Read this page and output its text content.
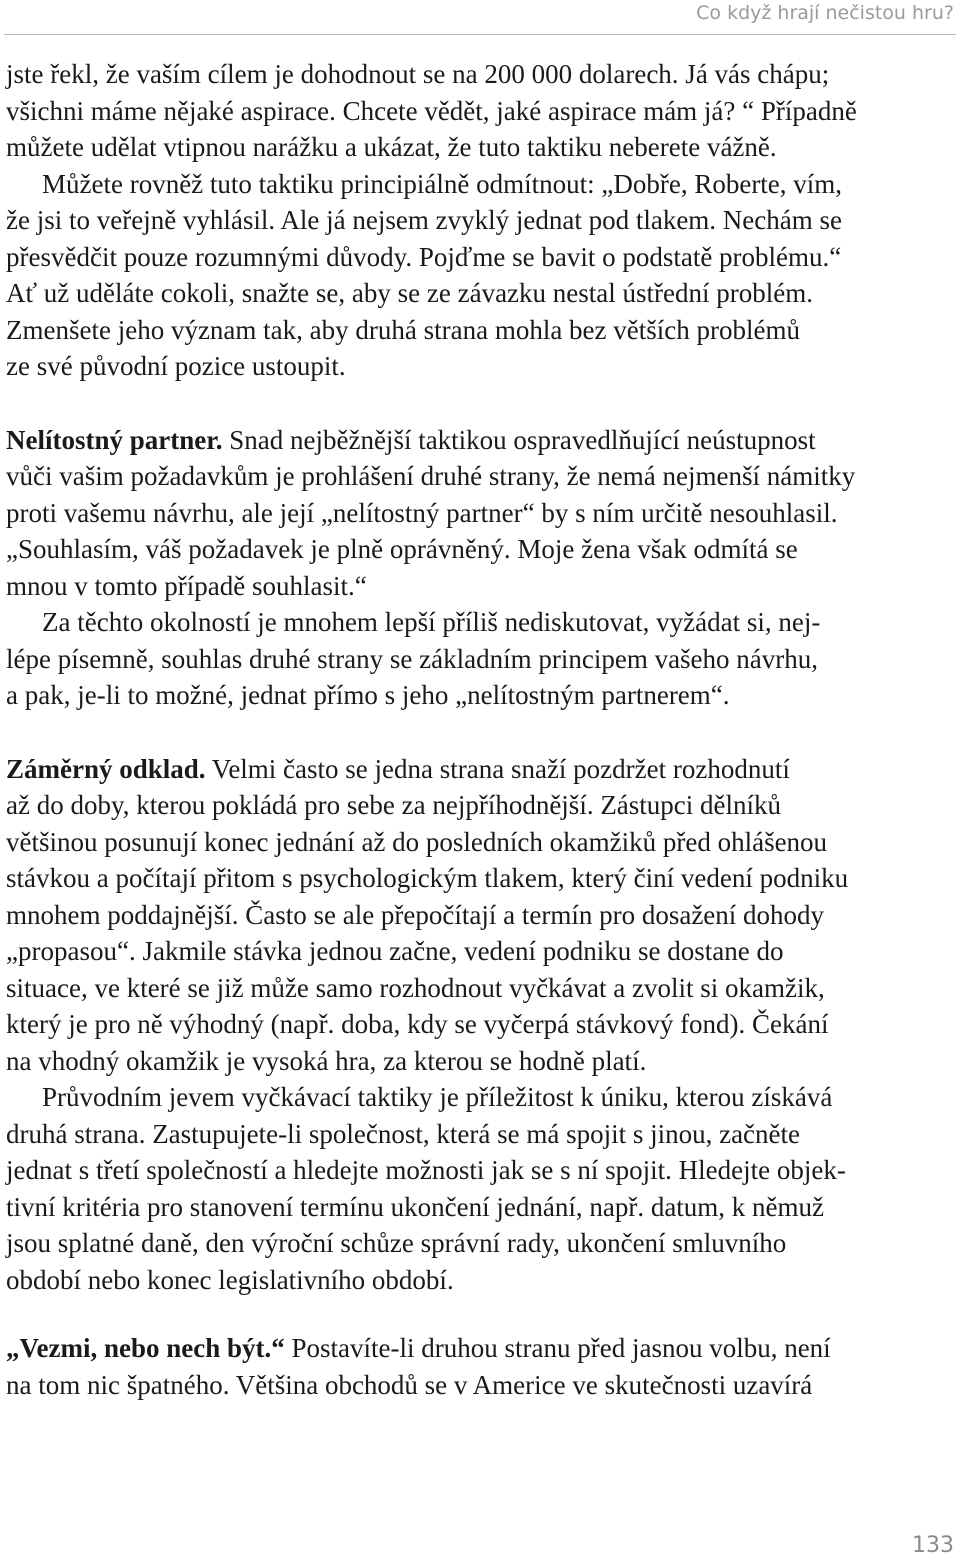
Co když hrají nečistou hru?

jste řekl, že vaším cílem je dohodnout se na 200 000 dolarech. Já vás chápu;
všichni máme nějaké aspirace. Chcete vědět, jaké aspirace mám já? “ Případně
můžete udělat vtipnou narážku a ukázat, že tuto taktiku neberete vážně.

Můžete rovněž tuto taktiku principiálně odmítnout: „Dobře, Roberte, vím,
že jsi to veřejně vyhlásil. Ale já nejsem zvyklý jednat pod tlakem. Nechám se
přesvědčit pouze rozumnými důvody. Pojďme se bavit o podstatě problému.“
Ať už uděláte cokoli, snažte se, aby se ze závazku nestal ústřední problém.
Zmenšete jeho význam tak, aby druhá strana mohla bez větších problémů
ze své původní pozice ustoupit.

Nelítostný partner. Snad nejběžnější taktikou ospravedlňující neústupnost
vůči vašim požadavkům je prohlášení druhé strany, že nemá nejmenší námitky
proti vašemu návrhu, ale její „nelítostný partner“ by s ním určitě nesouhlasil.
„Souhlasím, váš požadavek je plně oprávněný. Moje žena však odmítá se
mnou v tomto případě souhlasit.“

Za těchto okolností je mnohem lepší příliš nediskutovat, vyžádat si, nej-
lépe písemně, souhlas druhé strany se základním principem vašeho návrhu,
a pak, je-li to možné, jednat přímo s jeho „nelítostným partnerem“.

Záměrný odklad. Velmi často se jedna strana snaží pozdržet rozhodnutí
až do doby, kterou pokládá pro sebe za nejpříhodnější. Zástupci dělníků
většinou posunují konec jednání až do posledních okamžiků před ohlášenou
stávkou a počítají přitom s psychologickým tlakem, který činí vedení podniku
mnohem poddajnější. Často se ale přepočítají a termín pro dosažení dohody
„propasou“. Jakmile stávka jednou začne, vedení podniku se dostane do
situace, ve které se již může samo rozhodnout vyčkávat a zvolit si okamžik,
který je pro ně výhodný (např. doba, kdy se vyčerpá stávkový fond). Čekání
na vhodný okamžik je vysoká hra, za kterou se hodně platí.

Průvodním jevem vyčkávací taktiky je příležitost k úniku, kterou získává
druhá strana. Zastupujete-li společnost, která se má spojit s jinou, začněte
jednat s třetí společností a hledejte možnosti jak se s ní spojit. Hledejte objek-
tivní kritéria pro stanovení termínu ukončení jednání, např. datum, k němuž
jsou splatné daně, den výroční schůze správní rady, ukončení smluvního
období nebo konec legislativního období.

„Vezmi, nebo nech být.“ Postavíte-li druhou stranu před jasnou volbu, není
na tom nic špatného. Většina obchodů se v Americe ve skutečnosti uzavírá

133
